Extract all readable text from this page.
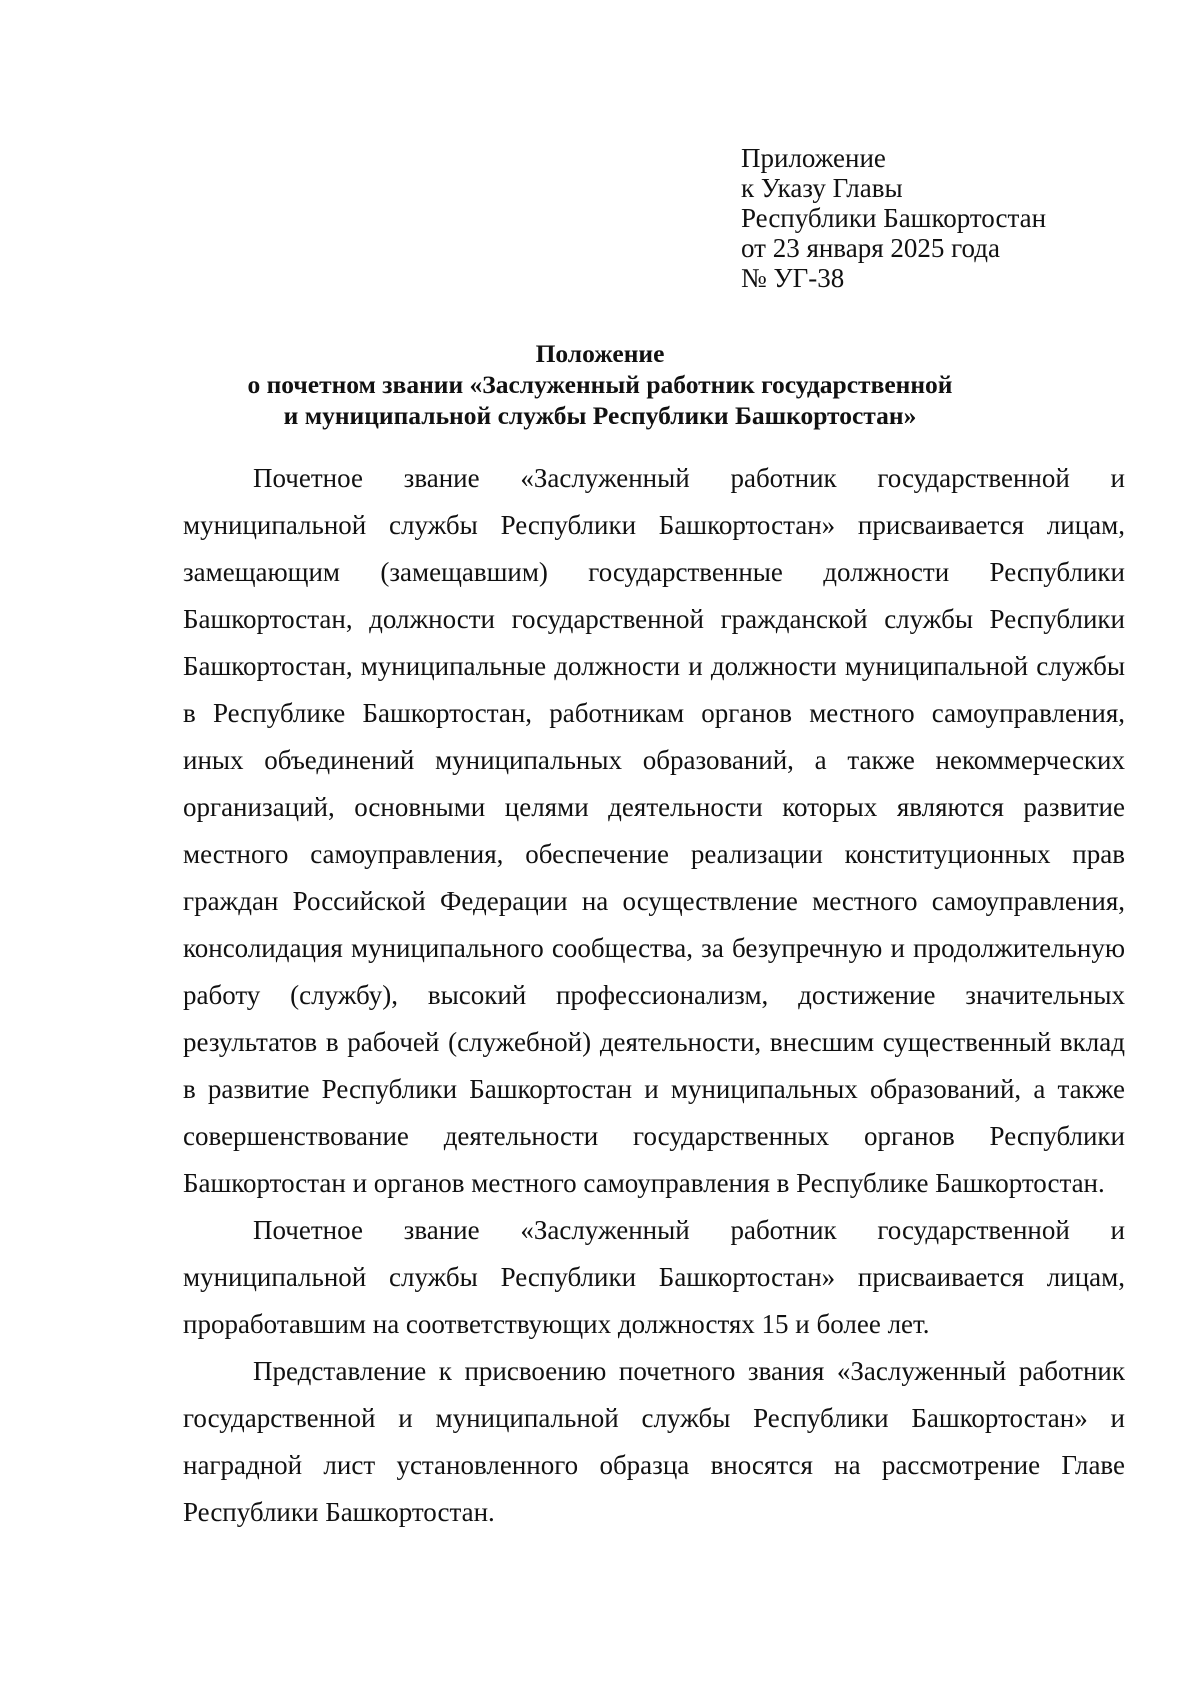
Приложение
к Указу Главы
Республики Башкортостан
от 23 января 2025 года
№ УГ-38
Положение
о почетном звании «Заслуженный работник государственной
и муниципальной службы Республики Башкортостан»

Почетное звание «Заслуженный работник государственной и муниципальной службы Республики Башкортостан» присваивается лицам, замещающим (замещавшим) государственные должности Республики Башкортостан, должности государственной гражданской службы Республики Башкортостан, муниципальные должности и должности муниципальной службы в Республике Башкортостан, работникам органов местного самоуправления, иных объединений муниципальных образований, а также некоммерческих организаций, основными целями деятельности которых являются развитие местного самоуправления, обеспечение реализации конституционных прав граждан Российской Федерации на осуществление местного самоуправления, консолидация муниципального сообщества, за безупречную и продолжительную работу (службу), высокий профессионализм, достижение значительных результатов в рабочей (служебной) деятельности, внесшим существенный вклад в развитие Республики Башкортостан и муниципальных образований, а также совершенствование деятельности государственных органов Республики Башкортостан и органов местного самоуправления в Республике Башкортостан.

Почетное звание «Заслуженный работник государственной и муниципальной службы Республики Башкортостан» присваивается лицам, проработавшим на соответствующих должностях 15 и более лет.

Представление к присвоению почетного звания «Заслуженный работник государственной и муниципальной службы Республики Башкортостан» и наградной лист установленного образца вносятся на рассмотрение Главе Республики Башкортостан.
